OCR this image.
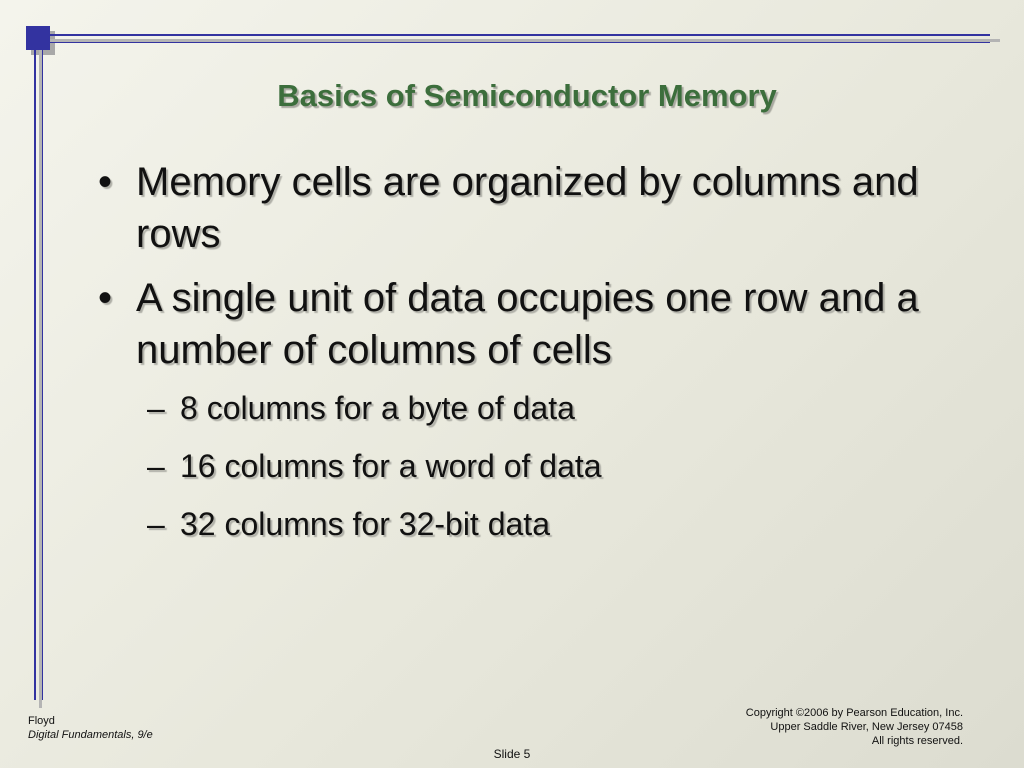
Basics of Semiconductor Memory
• Memory cells are organized by columns and rows
• A single unit of data occupies one row and a number of columns of cells
– 8 columns for a byte of data
– 16 columns for a word of data
– 32 columns for 32-bit data
Floyd
Digital Fundamentals, 9/e
Copyright ©2006 by Pearson Education, Inc.
Upper Saddle River, New Jersey 07458
All rights reserved.
Slide 5
